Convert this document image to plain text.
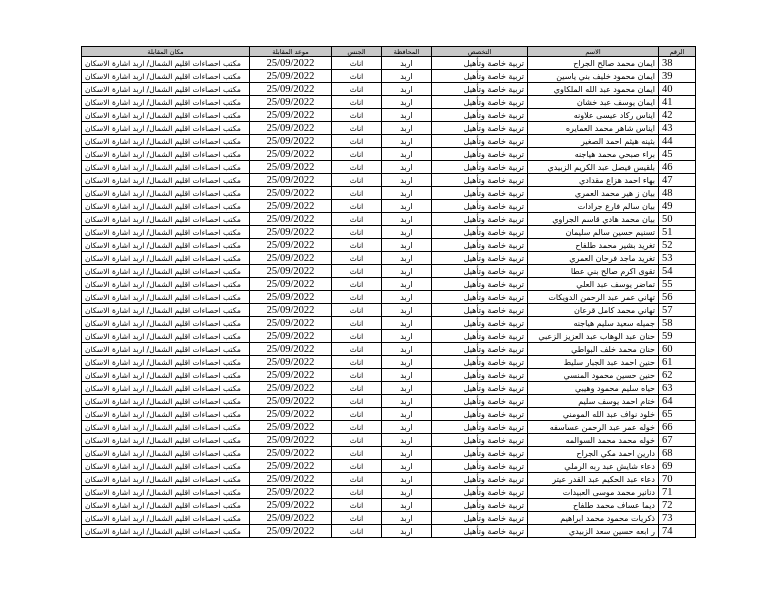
الرقم	الاسم	التخصص	المحافظة	الجنس	موعد المقابلة	مكان المقابلة
38	ايمان محمد صالح الجراح	تربية خاصة وتأهيل	اربد	اناث	25/09/2022	مكتب احصاءات اقليم الشمال/ اربد اشارة الاسكان
39	ايمان محمود خليف بني ياسين	تربية خاصة وتأهيل	اربد	اناث	25/09/2022	مكتب احصاءات اقليم الشمال/ اربد اشارة الاسكان
40	ايمان محمود عبد الله الملكاوي	تربية خاصة وتأهيل	اربد	اناث	25/09/2022	مكتب احصاءات اقليم الشمال/ اربد اشارة الاسكان
41	ايمان يوسف عبد خشان	تربية خاصة وتأهيل	اربد	اناث	25/09/2022	مكتب احصاءات اقليم الشمال/ اربد اشارة الاسكان
42	ايناس ركاد عيسى علاونه	تربية خاصة وتأهيل	اربد	اناث	25/09/2022	مكتب احصاءات اقليم الشمال/ اربد اشارة الاسكان
43	ايناس شاهر محمد العمايره	تربية خاصة وتأهيل	اربد	اناث	25/09/2022	مكتب احصاءات اقليم الشمال/ اربد اشارة الاسكان
44	بثينه هيثم احمد الصغير	تربية خاصة وتأهيل	اربد	اناث	25/09/2022	مكتب احصاءات اقليم الشمال/ اربد اشارة الاسكان
45	براء صبحي محمد هياجنه	تربية خاصة وتأهيل	اربد	اناث	25/09/2022	مكتب احصاءات اقليم الشمال/ اربد اشارة الاسكان
46	بلقيس فيصل عبد الكريم الزبيدي	تربية خاصة وتأهيل	اربد	اناث	25/09/2022	مكتب احصاءات اقليم الشمال/ اربد اشارة الاسكان
47	بهاء احمد هزاع مقدادي	تربية خاصة وتأهيل	اربد	اناث	25/09/2022	مكتب احصاءات اقليم الشمال/ اربد اشارة الاسكان
48	بيان ز هير محمد العمري	تربية خاصة وتأهيل	اربد	اناث	25/09/2022	مكتب احصاءات اقليم الشمال/ اربد اشارة الاسكان
49	بيان سالم فارع جرادات	تربية خاصة وتأهيل	اربد	اناث	25/09/2022	مكتب احصاءات اقليم الشمال/ اربد اشارة الاسكان
50	بيان محمد هادي قاسم الجراوي	تربية خاصة وتأهيل	اربد	اناث	25/09/2022	مكتب احصاءات اقليم الشمال/ اربد اشارة الاسكان
51	تسنيم حسين سالم سليمان	تربية خاصة وتأهيل	اربد	اناث	25/09/2022	مكتب احصاءات اقليم الشمال/ اربد اشارة الاسكان
52	تغريد بشير محمد طلفاح	تربية خاصة وتأهيل	اربد	اناث	25/09/2022	مكتب احصاءات اقليم الشمال/ اربد اشارة الاسكان
53	تغريد ماجد فرحان العمري	تربية خاصة وتأهيل	اربد	اناث	25/09/2022	مكتب احصاءات اقليم الشمال/ اربد اشارة الاسكان
54	تقوى اكرم صالح بني عطا	تربية خاصة وتأهيل	اربد	اناث	25/09/2022	مكتب احصاءات اقليم الشمال/ اربد اشارة الاسكان
55	تماضر يوسف عبد العلي	تربية خاصة وتأهيل	اربد	اناث	25/09/2022	مكتب احصاءات اقليم الشمال/ اربد اشارة الاسكان
56	تهاني عمر عبد الرحمن الدويكات	تربية خاصة وتأهيل	اربد	اناث	25/09/2022	مكتب احصاءات اقليم الشمال/ اربد اشارة الاسكان
57	تهاني محمد كامل قرعان	تربية خاصة وتأهيل	اربد	اناث	25/09/2022	مكتب احصاءات اقليم الشمال/ اربد اشارة الاسكان
58	جميله سعيد سليم هياجنه	تربية خاصة وتأهيل	اربد	اناث	25/09/2022	مكتب احصاءات اقليم الشمال/ اربد اشارة الاسكان
59	حنان عبد الوهاب عبد العزيز الزعبي	تربية خاصة وتأهيل	اربد	اناث	25/09/2022	مكتب احصاءات اقليم الشمال/ اربد اشارة الاسكان
60	حنان محمد خلف البواطي	تربية خاصة وتأهيل	اربد	اناث	25/09/2022	مكتب احصاءات اقليم الشمال/ اربد اشارة الاسكان
61	حنين احمد عبد الجبار سليط	تربية خاصة وتأهيل	اربد	اناث	25/09/2022	مكتب احصاءات اقليم الشمال/ اربد اشارة الاسكان
62	حنين حسين محمود المنسي	تربية خاصة وتأهيل	اربد	اناث	25/09/2022	مكتب احصاءات اقليم الشمال/ اربد اشارة الاسكان
63	حياه سليم محمود وهيبي	تربية خاصة وتأهيل	اربد	اناث	25/09/2022	مكتب احصاءات اقليم الشمال/ اربد اشارة الاسكان
64	ختام احمد يوسف سليم	تربية خاصة وتأهيل	اربد	اناث	25/09/2022	مكتب احصاءات اقليم الشمال/ اربد اشارة الاسكان
65	خلود نواف عبد الله المومني	تربية خاصة وتأهيل	اربد	اناث	25/09/2022	مكتب احصاءات اقليم الشمال/ اربد اشارة الاسكان
66	خوله عمر عبد الرحمن عساسفه	تربية خاصة وتأهيل	اربد	اناث	25/09/2022	مكتب احصاءات اقليم الشمال/ اربد اشارة الاسكان
67	خوله محمد محمد السوالمه	تربية خاصة وتأهيل	اربد	اناث	25/09/2022	مكتب احصاءات اقليم الشمال/ اربد اشارة الاسكان
68	دارين احمد مكي الجراح	تربية خاصة وتأهيل	اربد	اناث	25/09/2022	مكتب احصاءات اقليم الشمال/ اربد اشارة الاسكان
69	دعاء شايش عبد ربه الرملي	تربية خاصة وتأهيل	اربد	اناث	25/09/2022	مكتب احصاءات اقليم الشمال/ اربد اشارة الاسكان
70	دعاء عبد الحكيم عبد القدر عيتر	تربية خاصة وتأهيل	اربد	اناث	25/09/2022	مكتب احصاءات اقليم الشمال/ اربد اشارة الاسكان
71	دنانير محمد موسى العبيدات	تربية خاصة وتأهيل	اربد	اناث	25/09/2022	مكتب احصاءات اقليم الشمال/ اربد اشارة الاسكان
72	ديما عساف محمد طلفاح	تربية خاصة وتأهيل	اربد	اناث	25/09/2022	مكتب احصاءات اقليم الشمال/ اربد اشارة الاسكان
73	ذكريات محمود محمد ابراهيم	تربية خاصة وتأهيل	اربد	اناث	25/09/2022	مكتب احصاءات اقليم الشمال/ اربد اشارة الاسكان
74	ر ابعه حسين سعد الزبيدي	تربية خاصة وتأهيل	اربد	اناث	25/09/2022	مكتب احصاءات اقليم الشمال/ اربد اشارة الاسكان
